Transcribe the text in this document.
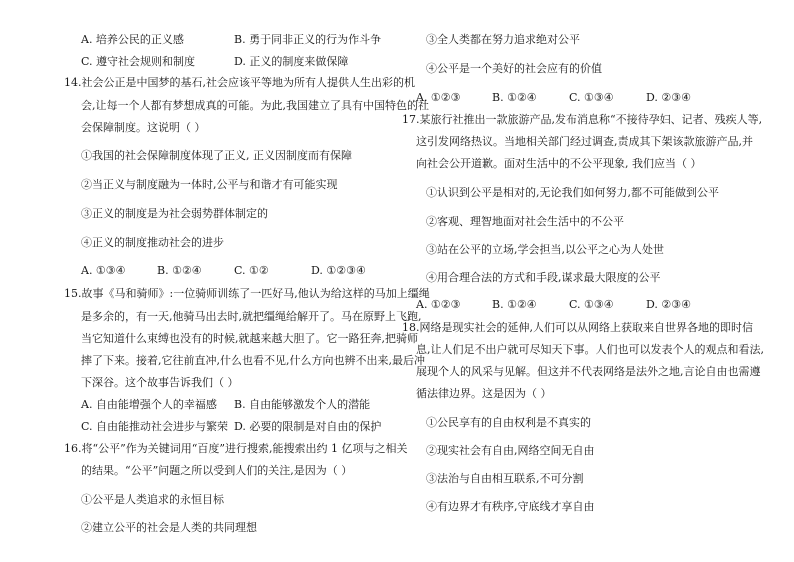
A. 培养公民的正义感	B. 勇于同非正义的行为作斗争
C. 遵守社会规则和制度	D. 正义的制度来做保障
14.社会公正是中国梦的基石,社会应该平等地为所有人提供人生出彩的机
会,让每一个人都有梦想成真的可能。为此,我国建立了具有中国特色的社
会保障制度。这说明（ ）
①我国的社会保障制度体现了正义, 正义因制度而有保障
②当正义与制度融为一体时,公平与和谐才有可能实现
③正义的制度是为社会弱势群体制定的
④正义的制度推动社会的进步
A. ①③④	B. ①②④	C. ①②	D. ①②③④
15.故事《马和骑师》:一位骑师训练了一匹好马,他认为给这样的马加上缰绳
是多余的，有一天,他骑马出去时,就把缰绳给解开了。马在原野上飞跑,
当它知道什么束缚也没有的时候,就越来越大胆了。它一路狂奔,把骑师
摔了下来。接着,它往前直冲,什么也看不见,什么方向也辨不出来,最后冲
下深谷。这个故事告诉我们（ ）
A. 自由能增强个人的幸福感 B. 自由能够激发个人的潜能
C. 自由能推动社会进步与繁荣 D. 必要的限制是对自由的保护
16.将“公平”作为关键词用“百度”进行搜索,能搜索出约 1 亿项与之相关
的结果。“公平”问题之所以受到人们的关注,是因为（ ）
①公平是人类追求的永恒目标
②建立公平的社会是人类的共同理想
③全人类都在努力追求绝对公平
④公平是一个美好的社会应有的价值
A. ①②③	B. ①②④	C. ①③④	D. ②③④
17.某旅行社推出一款旅游产品,发布消息称“不接待孕妇、记者、残疾人等,
这引发网络热议。当地相关部门经过调查,责成其下架该款旅游产品,并
向社会公开道歉。面对生活中的不公平现象, 我们应当（ ）
①认识到公平是相对的,无论我们如何努力,都不可能做到公平
②客观、理智地面对社会生活中的不公平
③站在公平的立场,学会担当,以公平之心为人处世
④用合理合法的方式和手段,谋求最大限度的公平
A. ①②③	B. ①②④	C. ①③④	D. ②③④
18.网络是现实社会的延伸,人们可以从网络上获取来自世界各地的即时信
息,让人们足不出户就可尽知天下事。人们也可以发表个人的观点和看法,
展现个人的风采与见解。但这并不代表网络是法外之地,言论自由也需遵
循法律边界。这是因为（ ）
①公民享有的自由权利是不真实的
②现实社会有自由,网络空间无自由
③法治与自由相互联系,不可分割
④有边界才有秩序,守底线才享自由
